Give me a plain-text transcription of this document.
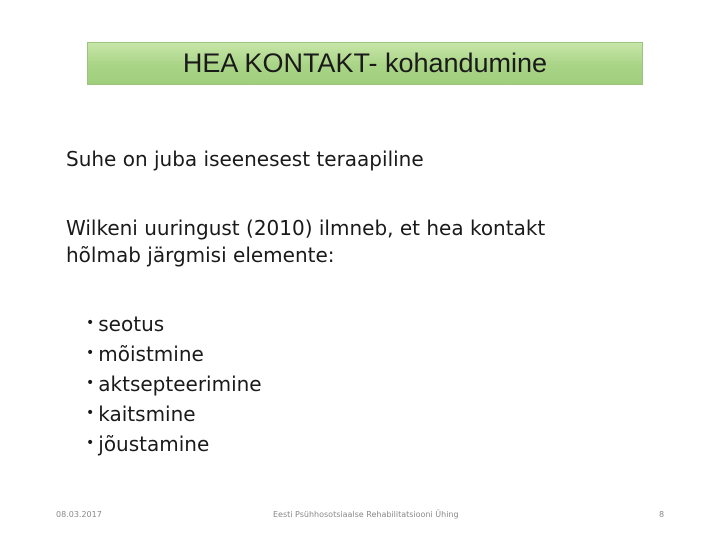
HEA KONTAKT- kohandumine
Suhe on juba iseenesest teraapiline
Wilkeni uuringust (2010) ilmneb, et hea kontakt
hõlmab järgmisi elemente:
• seotus
• mõistmine
• aktsepteerimine
• kaitsmine
• jõustamine
08.03.2017	Eesti Psühhosotsiaalse Rehabilitatsiooni Ühing	8
